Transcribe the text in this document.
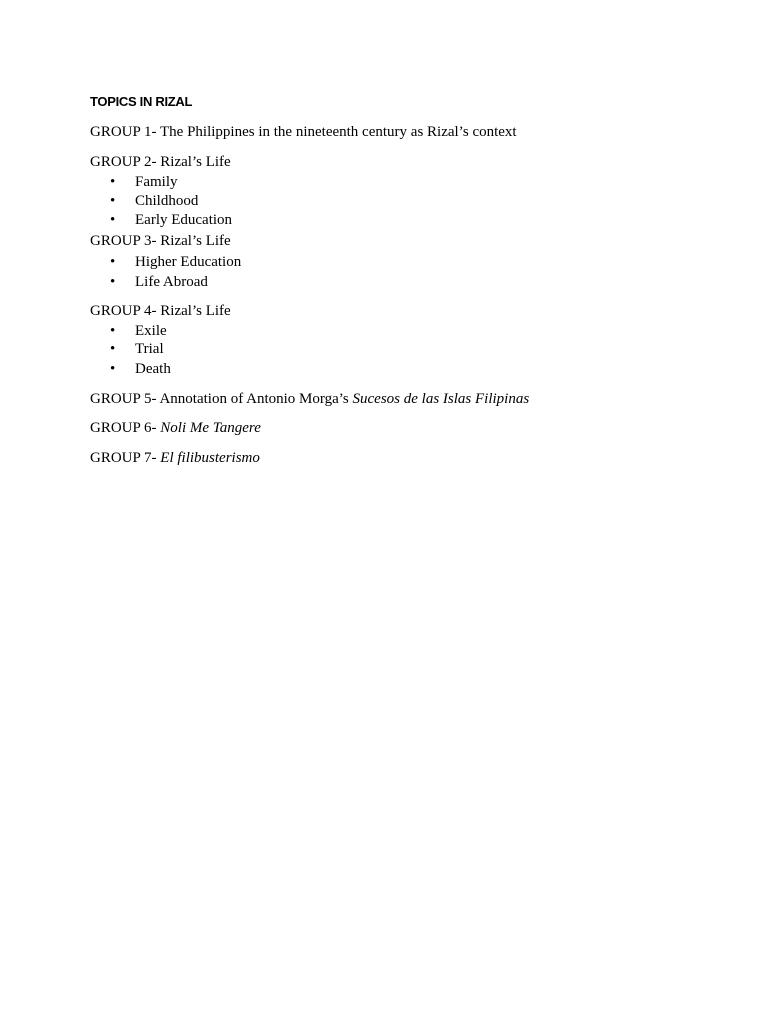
TOPICS IN RIZAL
GROUP 1- The Philippines in the nineteenth century as Rizal’s context
GROUP 2- Rizal’s Life
• Family
• Childhood
• Early Education
GROUP 3- Rizal’s Life
• Higher Education
• Life Abroad
GROUP 4- Rizal’s Life
• Exile
• Trial
• Death
GROUP 5- Annotation of Antonio Morga’s Sucesos de las Islas Filipinas
GROUP 6- Noli Me Tangere
GROUP 7- El filibusterismo
